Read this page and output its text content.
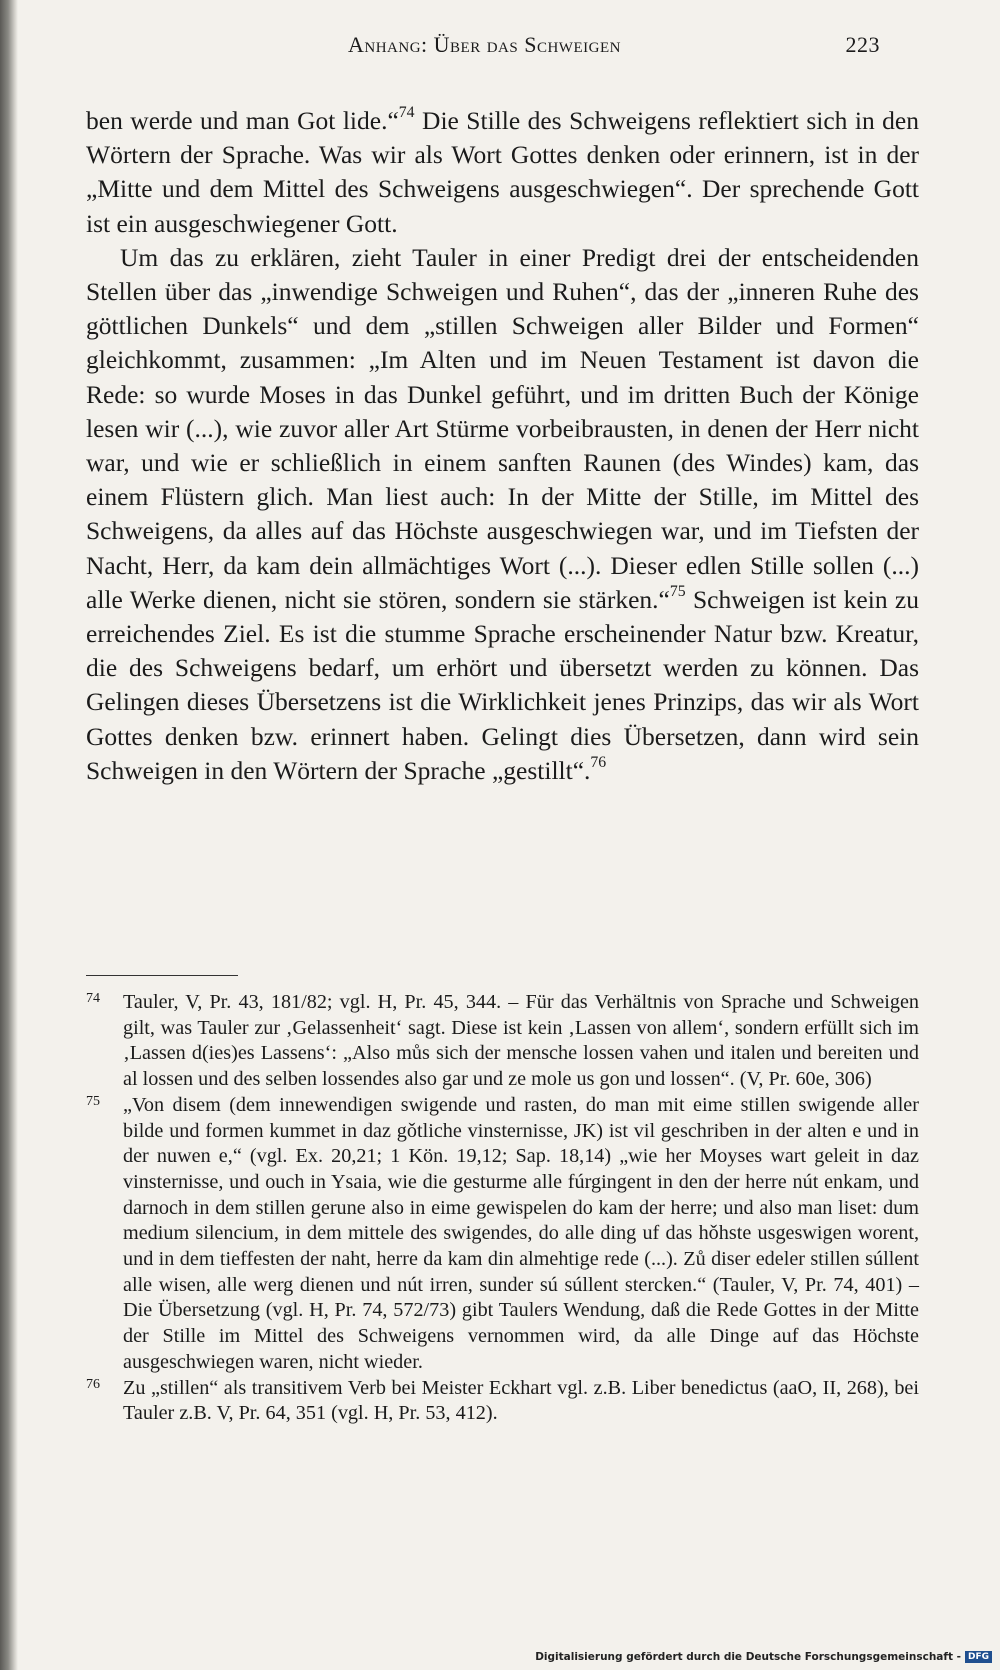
Anhang: Über das Schweigen	223

ben werde und man Got lide.“$^{74}$ Die Stille des Schweigens reflektiert sich in den Wörtern der Sprache. Was wir als Wort Gottes denken oder erinnern, ist in der „Mitte und dem Mittel des Schweigens ausgeschwiegen“. Der sprechende Gott ist ein ausgeschwiegener Gott.

Um das zu erklären, zieht Tauler in einer Predigt drei der entscheidenden Stellen über das „inwendige Schweigen und Ruhen“, das der „inneren Ruhe des göttlichen Dunkels“ und dem „stillen Schweigen aller Bilder und Formen“ gleichkommt, zusammen: „Im Alten und im Neuen Testament ist davon die Rede: so wurde Moses in das Dunkel geführt, und im dritten Buch der Könige lesen wir (...), wie zuvor aller Art Stürme vorbeibrausten, in denen der Herr nicht war, und wie er schließlich in einem sanften Raunen (des Windes) kam, das einem Flüstern glich. Man liest auch: In der Mitte der Stille, im Mittel des Schweigens, da alles auf das Höchste ausgeschwiegen war, und im Tiefsten der Nacht, Herr, da kam dein allmächtiges Wort (...). Dieser edlen Stille sollen (...) alle Werke dienen, nicht sie stören, sondern sie stärken.“$^{75}$ Schweigen ist kein zu erreichendes Ziel. Es ist die stumme Sprache erscheinender Natur bzw. Kreatur, die des Schweigens bedarf, um erhört und übersetzt werden zu können. Das Gelingen dieses Übersetzens ist die Wirklichkeit jenes Prinzips, das wir als Wort Gottes denken bzw. erinnert haben. Gelingt dies Übersetzen, dann wird sein Schweigen in den Wörtern der Sprache „gestillt“.$^{76}$

74 Tauler, V, Pr. 43, 181/82; vgl. H, Pr. 45, 344. – Für das Verhältnis von Sprache und Schweigen gilt, was Tauler zur ‚Gelassenheit‘ sagt. Diese ist kein ‚Lassen von allem‘, sondern erfüllt sich im ‚Lassen d(ies)es Lassens‘: „Also můs sich der mensche lossen vahen und italen und bereiten und al lossen und des selben lossendes also gar und ze mole us gon und lossen“. (V, Pr. 60e, 306)
75 „Von disem (dem innewendigen swigende und rasten, do man mit eime stillen swigende aller bilde und formen kummet in daz gǒtliche vinsternisse, JK) ist vil geschriben in der alten e und in der nuwen e,“ (vgl. Ex. 20,21; 1 Kön. 19,12; Sap. 18,14) „wie her Moyses wart geleit in daz vinsternisse, und ouch in Ysaia, wie die gesturme alle fúrgingent in den der herre nút enkam, und darnoch in dem stillen gerune also in eime gewispelen do kam der herre; und also man liset: dum medium silencium, in dem mittele des swigendes, do alle ding uf das hǒhste usgeswigen worent, und in dem tieffesten der naht, herre da kam din almehtige rede (...). Zů diser edeler stillen súllent alle wisen, alle werg dienen und nút irren, sunder sú súllent stercken.“ (Tauler, V, Pr. 74, 401) – Die Übersetzung (vgl. H, Pr. 74, 572/73) gibt Taulers Wendung, daß die Rede Gottes in der Mitte der Stille im Mittel des Schweigens vernommen wird, da alle Dinge auf das Höchste ausgeschwiegen waren, nicht wieder.
76 Zu „stillen“ als transitivem Verb bei Meister Eckhart vgl. z.B. Liber benedictus (aaO, II, 268), bei Tauler z.B. V, Pr. 64, 351 (vgl. H, Pr. 53, 412).
Digitalisierung gefördert durch die Deutsche Forschungsgemeinschaft - DFG
